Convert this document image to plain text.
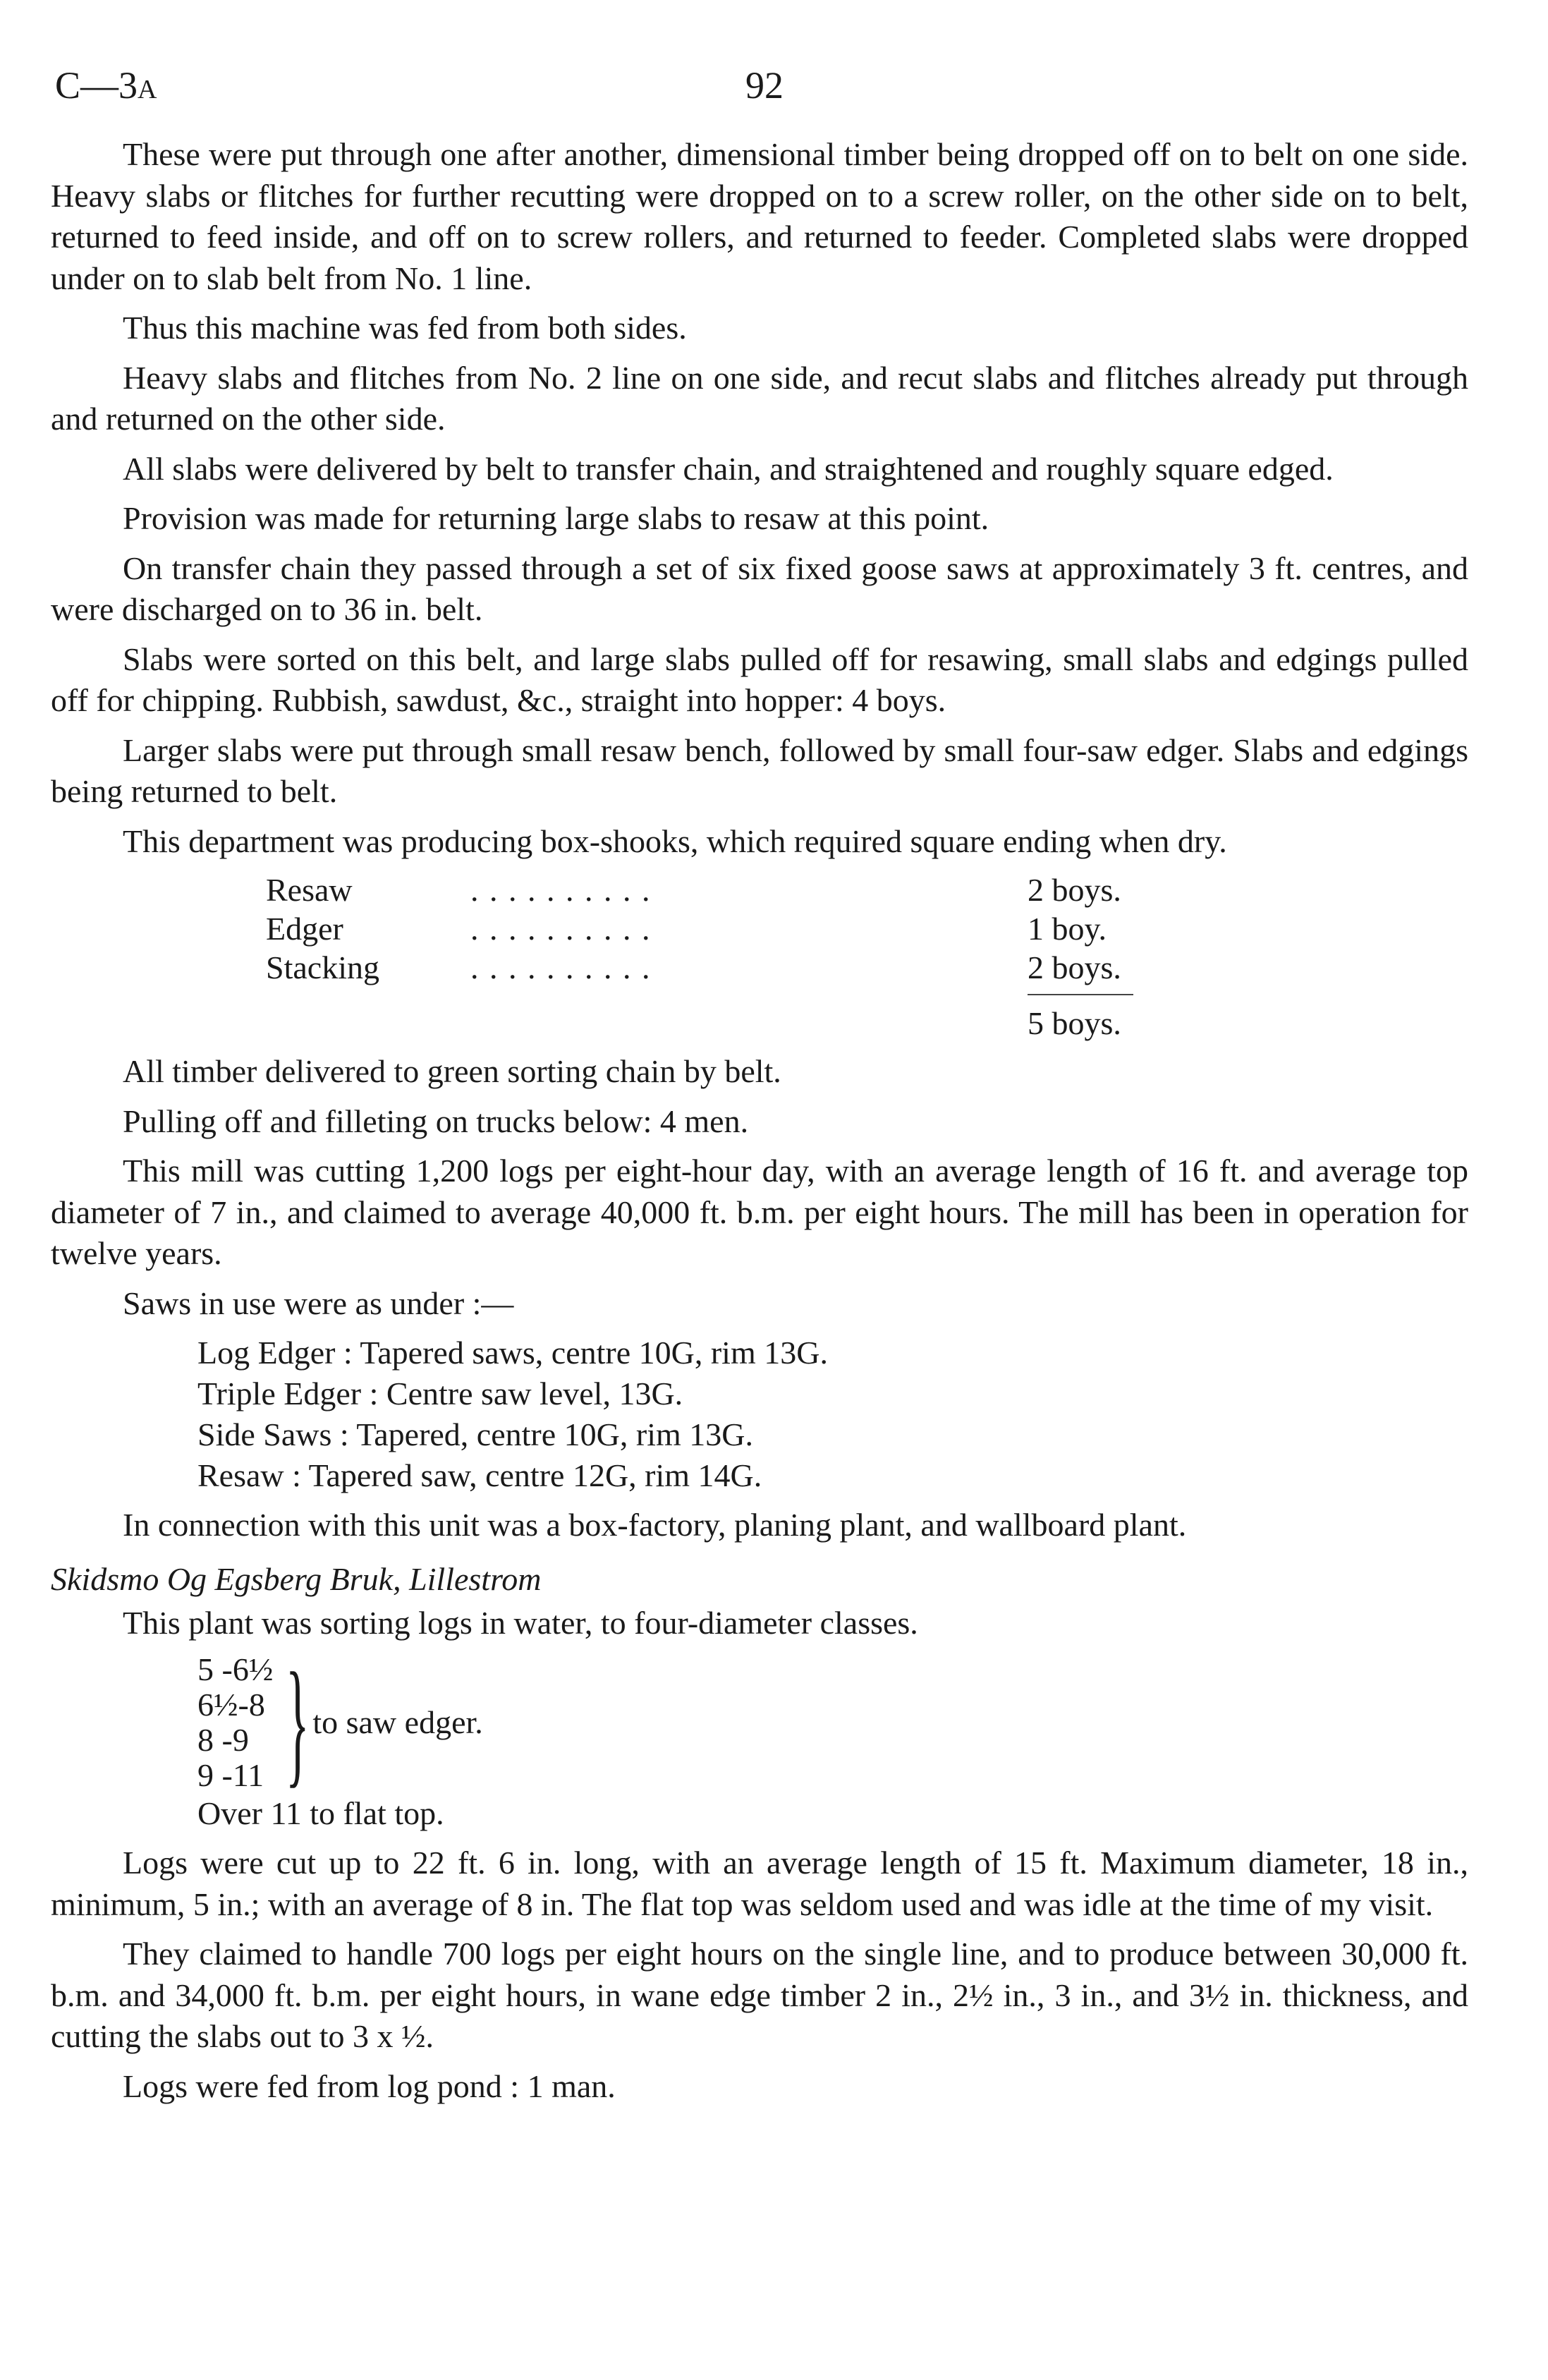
C—3A	92

These were put through one after another, dimensional timber being dropped off on to belt on one side. Heavy slabs or flitches for further recutting were dropped on to a screw roller, on the other side on to belt, returned to feed inside, and off on to screw rollers, and returned to feeder. Completed slabs were dropped under on to slab belt from No. 1 line.

Thus this machine was fed from both sides.

Heavy slabs and flitches from No. 2 line on one side, and recut slabs and flitches already put through and returned on the other side.

All slabs were delivered by belt to transfer chain, and straightened and roughly square edged.

Provision was made for returning large slabs to resaw at this point.

On transfer chain they passed through a set of six fixed goose saws at approximately 3 ft. centres, and were discharged on to 36 in. belt.

Slabs were sorted on this belt, and large slabs pulled off for resawing, small slabs and edgings pulled off for chipping. Rubbish, sawdust, &c., straight into hopper: 4 boys.

Larger slabs were put through small resaw bench, followed by small four-saw edger. Slabs and edgings being returned to belt.

This department was producing box-shooks, which required square ending when dry.

Resaw	. . . . . . . . . .	2 boys.
Edger	. . . . . . . . . .	1 boy.
Stacking	. . . . . . . . . .	2 boys.
5 boys.

All timber delivered to green sorting chain by belt.

Pulling off and filleting on trucks below: 4 men.

This mill was cutting 1,200 logs per eight-hour day, with an average length of 16 ft. and average top diameter of 7 in., and claimed to average 40,000 ft. b.m. per eight hours. The mill has been in operation for twelve years.

Saws in use were as under :—

Log Edger : Tapered saws, centre 10G, rim 13G.
Triple Edger : Centre saw level, 13G.
Side Saws : Tapered, centre 10G, rim 13G.
Resaw : Tapered saw, centre 12G, rim 14G.

In connection with this unit was a box-factory, planing plant, and wallboard plant.

Skidsmo Og Egsberg Bruk, Lillestrom

This plant was sorting logs in water, to four-diameter classes.

5 -6½
6½-8
8 -9
9 -11 } to saw edger.
Over 11 to flat top.

Logs were cut up to 22 ft. 6 in. long, with an average length of 15 ft. Maximum diameter, 18 in., minimum, 5 in.; with an average of 8 in. The flat top was seldom used and was idle at the time of my visit.

They claimed to handle 700 logs per eight hours on the single line, and to produce between 30,000 ft. b.m. and 34,000 ft. b.m. per eight hours, in wane edge timber 2 in., 2½ in., 3 in., and 3½ in. thickness, and cutting the slabs out to 3 x ½.

Logs were fed from log pond : 1 man.
